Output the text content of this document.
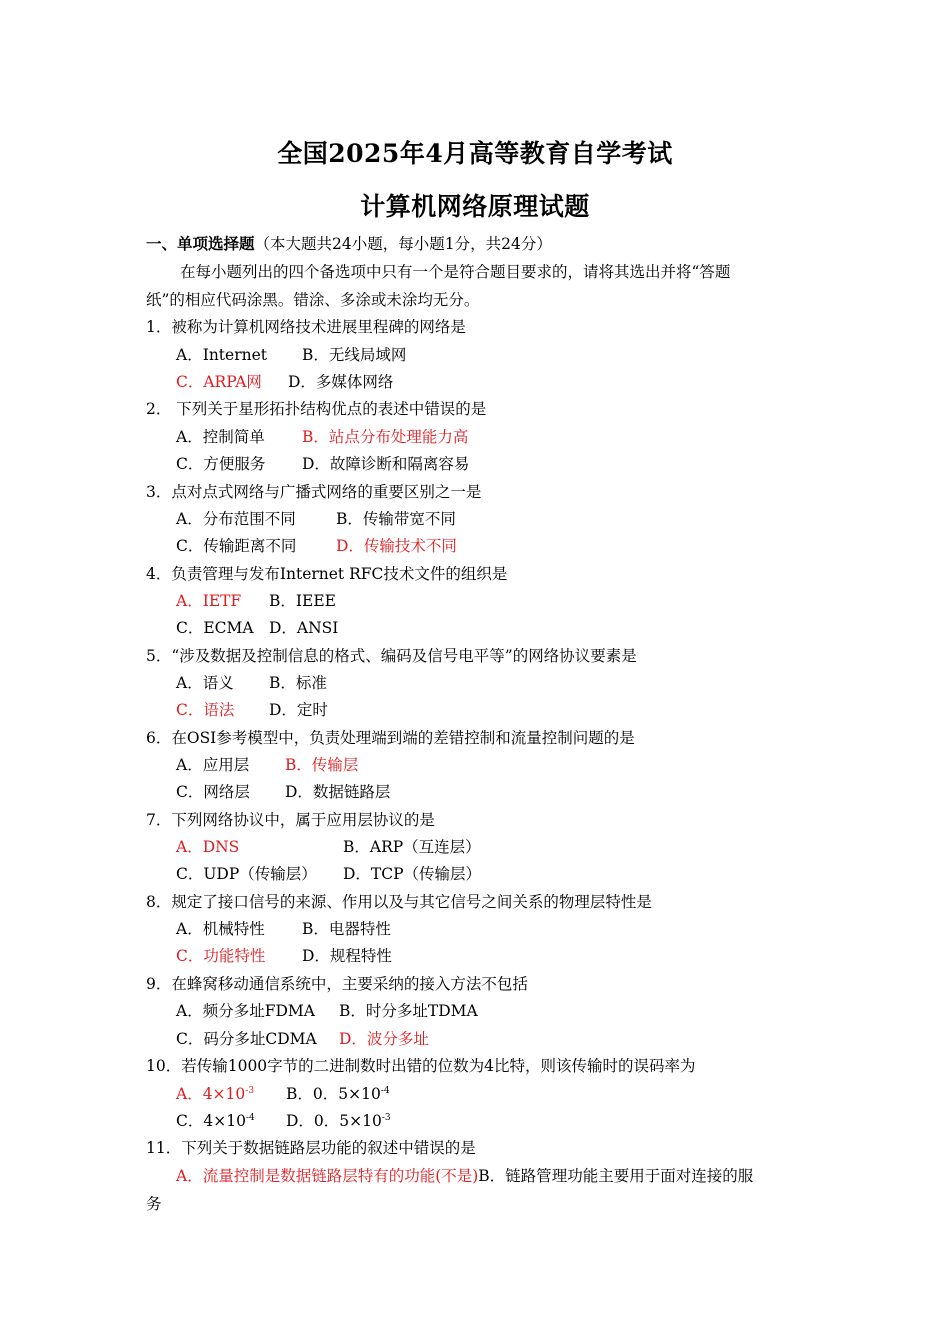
全国2025年4月高等教育自学考试
计算机网络原理试题
一、单项选择题（本大题共24小题，每小题1分，共24分）
在每小题列出的四个备选项中只有一个是符合题目要求的，请将其选出并将“答题
纸”的相应代码涂黑。错涂、多涂或未涂均无分。
1．被称为计算机网络技术进展里程碑的网络是
A．Internet B．无线局域网
C．ARPA网 D．多媒体网络
2． 下列关于星形拓扑结构优点的表述中错误的是
A．控制简单 B．站点分布处理能力高
C．方便服务 D．故障诊断和隔离容易
3．点对点式网络与广播式网络的重要区别之一是
A．分布范围不同	B．传输带宽不同
C．传输距离不同	D．传输技术不同
4．负责管理与发布Internet RFC技术文件的组织是
A．IETF B．IEEE
C．ECMA D．ANSI
5．“涉及数据及控制信息的格式、编码及信号电平等”的网络协议要素是
A．语义 B．标准
C．语法 D．定时
6．在OSI参考模型中，负责处理端到端的差错控制和流量控制问题的是
A．应用层 B．传输层
C．网络层 D．数据链路层
7．下列网络协议中，属于应用层协议的是
A．DNS	B．ARP（互连层）
C．UDP（传输层） D．TCP（传输层）
8．规定了接口信号的来源、作用以及与其它信号之间关系的物理层特性是
A．机械特性 B．电器特性
C．功能特性 D．规程特性
9．在蜂窝移动通信系统中，主要采纳的接入方法不包括
A．频分多址FDMA B．时分多址TDMA
C．码分多址CDMA D．波分多址
10．若传输1000字节的二进制数时出错的位数为4比特，则该传输时的误码率为
A．$4\times 10^{-3}$ B．0．$5\times 10^{-4}$
C．$4\times 10^{-4}$ D．0．$5\times 10^{-3}$
11．下列关于数据链路层功能的叙述中错误的是
A．流量控制是数据链路层特有的功能(不是)B．链路管理功能主要用于面对连接的服
务
